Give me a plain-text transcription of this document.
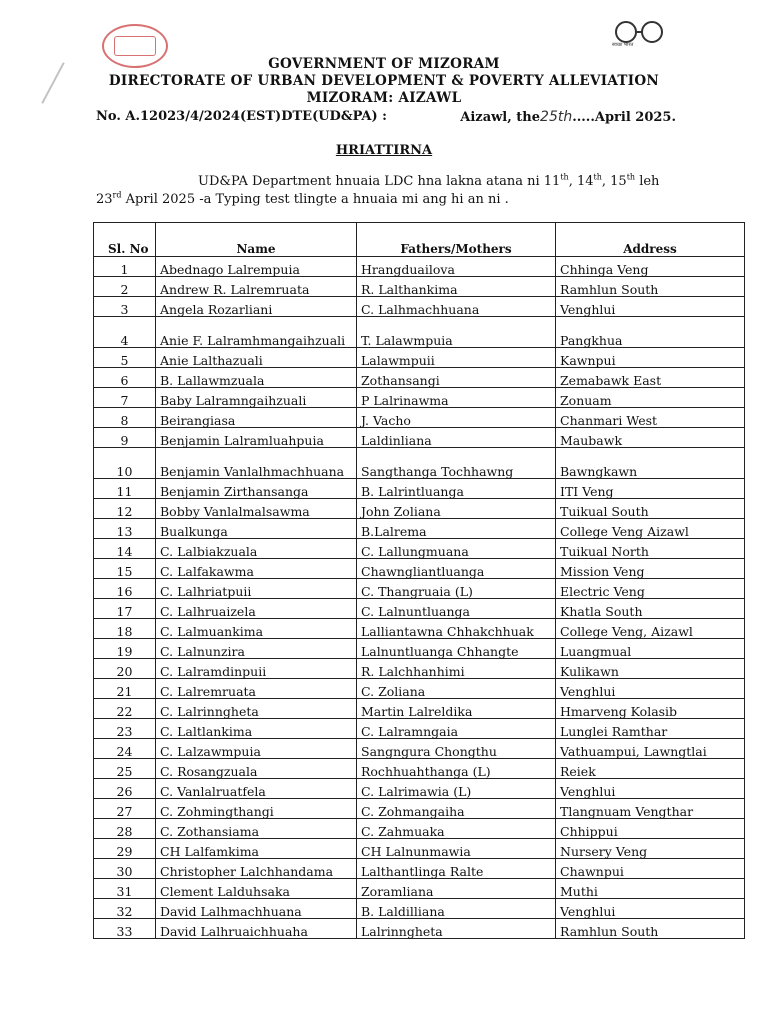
स्वच्छ भारत
GOVERNMENT OF MIZORAM
DIRECTORATE OF URBAN DEVELOPMENT & POVERTY ALLEVIATION
MIZORAM: AIZAWL
No. A.12023/4/2024(EST)DTE(UD&PA) :	Aizawl, the25th.....April 2025.
HRIATTIRNA
UD&PA Department hnuaia LDC hna lakna atana ni 11th, 14th, 15th leh 23rd April 2025 -a Typing test tlingte a hnuaia mi ang hi an ni .
Sl. No	Name	Fathers/Mothers	Address
1	Abednago Lalrempuia	Hrangduailova	Chhinga Veng
2	Andrew R. Lalremruata	R. Lalthankima	Ramhlun South
3	Angela Rozarliani	C. Lalhmachhuana	Venghlui
4	Anie F. Lalramhmangaihzuali	T. Lalawmpuia	Pangkhua
5	Anie Lalthazuali	Lalawmpuii	Kawnpui
6	B. Lallawmzuala	Zothansangi	Zemabawk East
7	Baby Lalramngaihzuali	P Lalrinawma	Zonuam
8	Beirangiasa	J. Vacho	Chanmari West
9	Benjamin Lalramluahpuia	Laldinliana	Maubawk
10	Benjamin Vanlalhmachhuana	Sangthanga Tochhawng	Bawngkawn
11	Benjamin Zirthansanga	B. Lalrintluanga	ITI Veng
12	Bobby Vanlalmalsawma	John Zoliana	Tuikual South
13	Bualkunga	B.Lalrema	College Veng Aizawl
14	C. Lalbiakzuala	C. Lallungmuana	Tuikual North
15	C. Lalfakawma	Chawngliantluanga	Mission Veng
16	C. Lalhriatpuii	C. Thangruaia (L)	Electric Veng
17	C. Lalhruaizela	C. Lalnuntluanga	Khatla South
18	C. Lalmuankima	Lalliantawna Chhakchhuak	College Veng, Aizawl
19	C. Lalnunzira	Lalnuntluanga Chhangte	Luangmual
20	C. Lalramdinpuii	R. Lalchhanhimi	Kulikawn
21	C. Lalremruata	C. Zoliana	Venghlui
22	C. Lalrinngheta	Martin Lalreldika	Hmarveng Kolasib
23	C. Laltlankima	C. Lalramngaia	Lunglei Ramthar
24	C. Lalzawmpuia	Sangngura Chongthu	Vathuampui, Lawngtlai
25	C. Rosangzuala	Rochhuahthanga (L)	Reiek
26	C. Vanlalruatfela	C. Lalrimawia (L)	Venghlui
27	C. Zohmingthangi	C. Zohmangaiha	Tlangnuam Vengthar
28	C. Zothansiama	C. Zahmuaka	Chhippui
29	CH Lalfamkima	CH Lalnunmawia	Nursery Veng
30	Christopher Lalchhandama	Lalthantlinga Ralte	Chawnpui
31	Clement Lalduhsaka	Zoramliana	Muthi
32	David Lalhmachhuana	B. Laldilliana	Venghlui
33	David Lalhruaichhuaha	Lalrinngheta	Ramhlun South
